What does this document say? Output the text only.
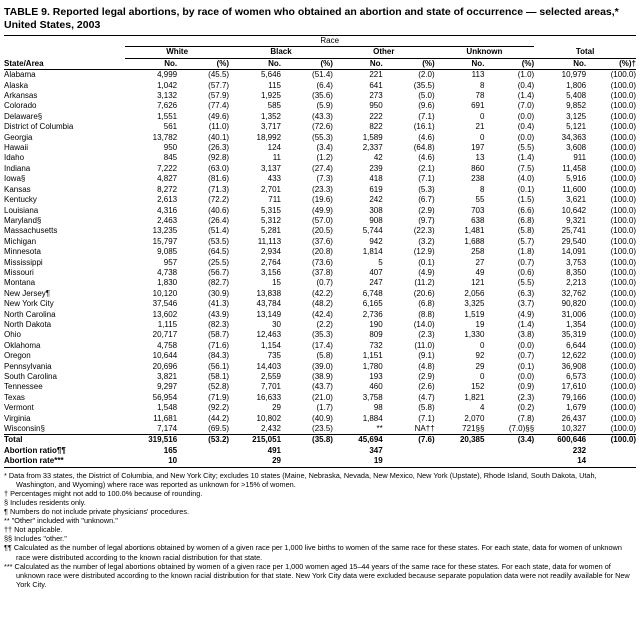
TABLE 9. Reported legal abortions, by race of women who obtained an abortion and state of occurrence — selected areas,* United States, 2003
	Race									
	White		Black		Other		Unknown		Total	
State/Area	No.	(%)	No.	(%)	No.	(%)	No.	(%)	No.	(%)†
Alabama	4,999	(45.5)	5,646	(51.4)	221	(2.0)	113	(1.0)	10,979	(100.0)
Alaska	1,042	(57.7)	115	(6.4)	641	(35.5)	8	(0.4)	1,806	(100.0)
Arkansas	3,132	(57.9)	1,925	(35.6)	273	(5.0)	78	(1.4)	5,408	(100.0)
Colorado	7,626	(77.4)	585	(5.9)	950	(9.6)	691	(7.0)	9,852	(100.0)
Delaware§	1,551	(49.6)	1,352	(43.3)	222	(7.1)	0	(0.0)	3,125	(100.0)
District of Columbia	561	(11.0)	3,717	(72.6)	822	(16.1)	21	(0.4)	5,121	(100.0)
Georgia	13,782	(40.1)	18,992	(55.3)	1,589	(4.6)	0	(0.0)	34,363	(100.0)
Hawaii	950	(26.3)	124	(3.4)	2,337	(64.8)	197	(5.5)	3,608	(100.0)
Idaho	845	(92.8)	11	(1.2)	42	(4.6)	13	(1.4)	911	(100.0)
Indiana	7,222	(63.0)	3,137	(27.4)	239	(2.1)	860	(7.5)	11,458	(100.0)
Iowa§	4,827	(81.6)	433	(7.3)	418	(7.1)	238	(4.0)	5,916	(100.0)
Kansas	8,272	(71.3)	2,701	(23.3)	619	(5.3)	8	(0.1)	11,600	(100.0)
Kentucky	2,613	(72.2)	711	(19.6)	242	(6.7)	55	(1.5)	3,621	(100.0)
Louisiana	4,316	(40.6)	5,315	(49.9)	308	(2.9)	703	(6.6)	10,642	(100.0)
Maryland§	2,463	(26.4)	5,312	(57.0)	908	(9.7)	638	(6.8)	9,321	(100.0)
Massachusetts	13,235	(51.4)	5,281	(20.5)	5,744	(22.3)	1,481	(5.8)	25,741	(100.0)
Michigan	15,797	(53.5)	11,113	(37.6)	942	(3.2)	1,688	(5.7)	29,540	(100.0)
Minnesota	9,085	(64.5)	2,934	(20.8)	1,814	(12.9)	258	(1.8)	14,091	(100.0)
Mississippi	957	(25.5)	2,764	(73.6)	5	(0.1)	27	(0.7)	3,753	(100.0)
Missouri	4,738	(56.7)	3,156	(37.8)	407	(4.9)	49	(0.6)	8,350	(100.0)
Montana	1,830	(82.7)	15	(0.7)	247	(11.2)	121	(5.5)	2,213	(100.0)
New Jersey¶	10,120	(30.9)	13,838	(42.2)	6,748	(20.6)	2,056	(6.3)	32,762	(100.0)
New York City	37,546	(41.3)	43,784	(48.2)	6,165	(6.8)	3,325	(3.7)	90,820	(100.0)
North Carolina	13,602	(43.9)	13,149	(42.4)	2,736	(8.8)	1,519	(4.9)	31,006	(100.0)
North Dakota	1,115	(82.3)	30	(2.2)	190	(14.0)	19	(1.4)	1,354	(100.0)
Ohio	20,717	(58.7)	12,463	(35.3)	809	(2.3)	1,330	(3.8)	35,319	(100.0)
Oklahoma	4,758	(71.6)	1,154	(17.4)	732	(11.0)	0	(0.0)	6,644	(100.0)
Oregon	10,644	(84.3)	735	(5.8)	1,151	(9.1)	92	(0.7)	12,622	(100.0)
Pennsylvania	20,696	(56.1)	14,403	(39.0)	1,780	(4.8)	29	(0.1)	36,908	(100.0)
South Carolina	3,821	(58.1)	2,559	(38.9)	193	(2.9)	0	(0.0)	6,573	(100.0)
Tennessee	9,297	(52.8)	7,701	(43.7)	460	(2.6)	152	(0.9)	17,610	(100.0)
Texas	56,954	(71.9)	16,633	(21.0)	3,758	(4.7)	1,821	(2.3)	79,166	(100.0)
Vermont	1,548	(92.2)	29	(1.7)	98	(5.8)	4	(0.2)	1,679	(100.0)
Virginia	11,681	(44.2)	10,802	(40.9)	1,884	(7.1)	2,070	(7.8)	26,437	(100.0)
Wisconsin§	7,174	(69.5)	2,432	(23.5)	**	NA††	721§§	(7.0)§§	10,327	(100.0)
Total	319,516	(53.2)	215,051	(35.8)	45,694	(7.6)	20,385	(3.4)	600,646	(100.0)
Abortion ratio¶¶	165		491		347				232	
Abortion rate***	10		29		19				14	
* Data from 33 states, the District of Columbia, and New York City; excludes 10 states (Maine, Nebraska, Nevada, New Mexico, New York (Upstate), Rhode Island, South Dakota, Utah, Washington, and Wyoming) where race was reported as unknown for >15% of women.
† Percentages might not add to 100.0% because of rounding.
§ Includes residents only.
¶ Numbers do not include private physicians' procedures.
** "Other" included with "unknown."
†† Not applicable.
§§ Includes "other."
¶¶ Calculated as the number of legal abortions obtained by women of a given race per 1,000 live births to women of the same race for these states. For each state, data for women of unknown race were distributed according to the known racial distribution for that state.
*** Calculated as the number of legal abortions obtained by women of a given race per 1,000 women aged 15–44 years of the same race for these states. For each state, data for women of unknown race were distributed according to the known racial distribution for that state. New York City data were excluded because separate population data were not readily available for New York City.
